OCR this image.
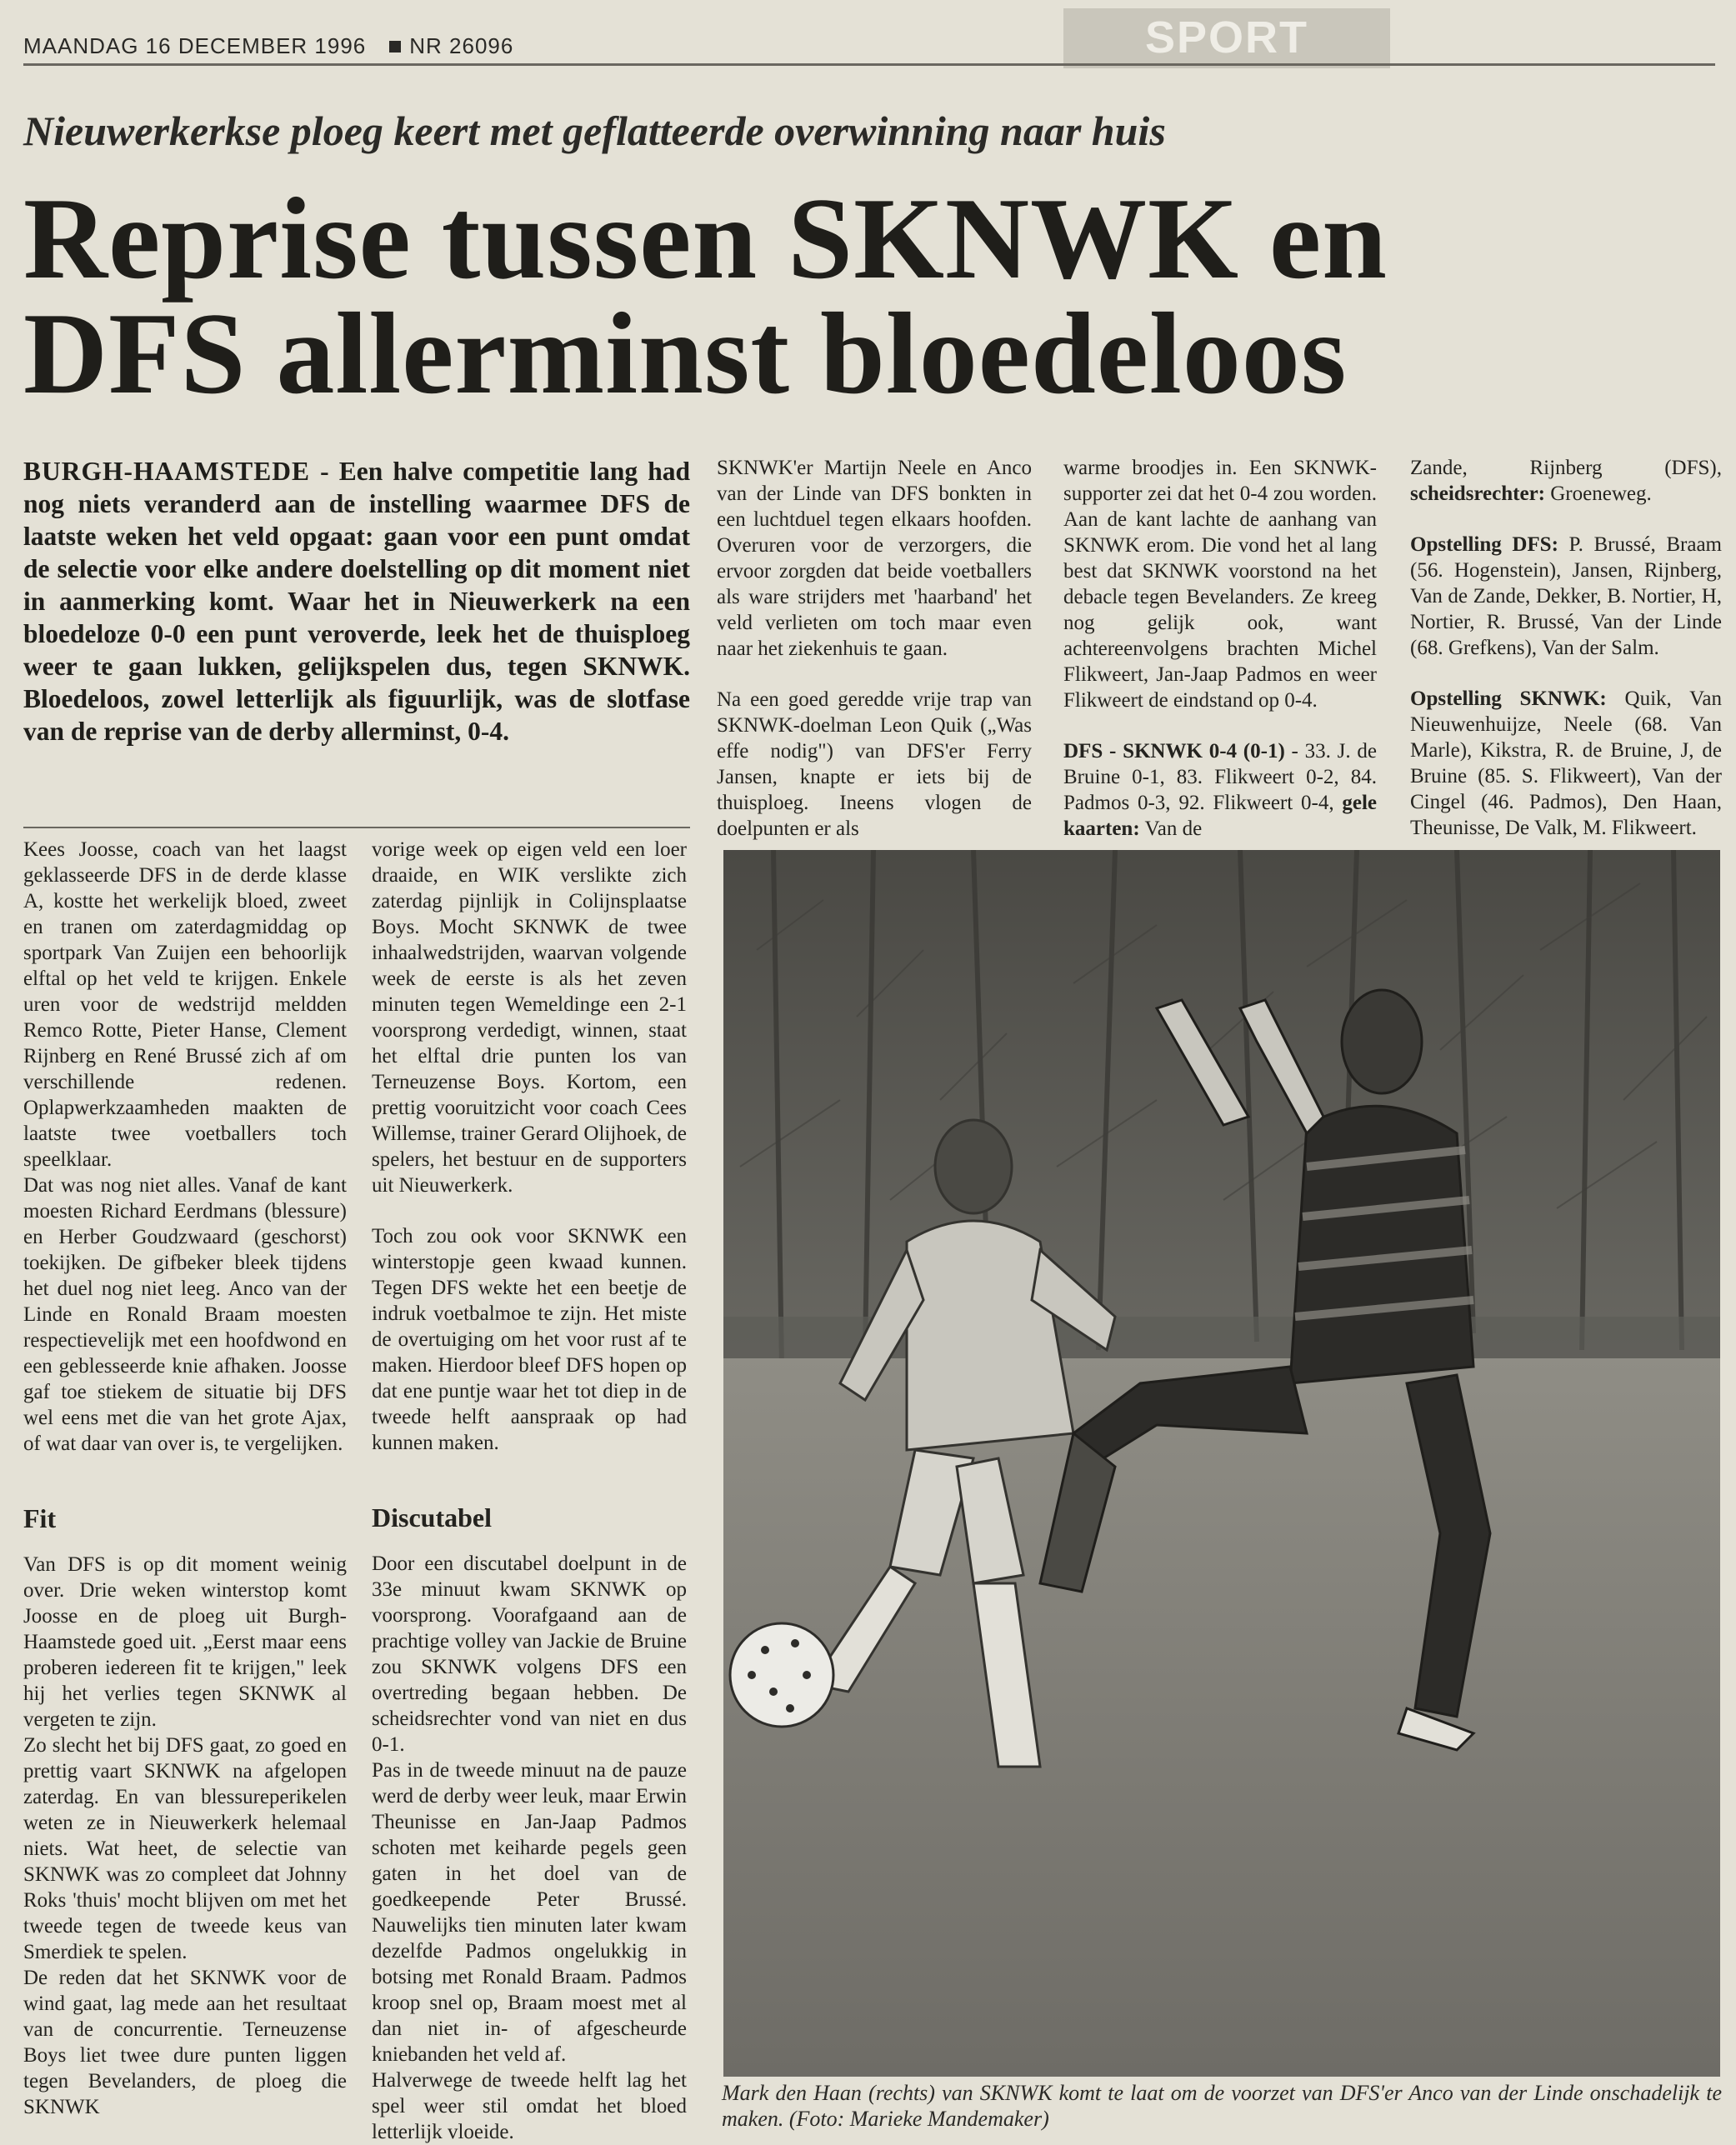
MAANDAG 16 DECEMBER 1996 NR 26096	SPORT
Nieuwerkerkse ploeg keert met geflatteerde overwinning naar huis
Reprise tussen SKNWK en
DFS allerminst bloedeloos
BURGH-HAAMSTEDE - Een halve competitie lang had nog niets veranderd aan de instelling waarmee DFS de laatste weken het veld opgaat: gaan voor een punt omdat de selectie voor elke andere doelstelling op dit moment niet in aanmerking komt. Waar het in Nieuwerkerk na een bloedeloze 0-0 een punt veroverde, leek het de thuisploeg weer te gaan lukken, gelijkspelen dus, tegen SKNWK. Bloedeloos, zowel letterlijk als figuurlijk, was de slotfase van de reprise van de derby allerminst, 0-4.

Kees Joosse, coach van het laagst geklasseerde DFS in de derde klasse A, kostte het werkelijk bloed, zweet en tranen om zaterdagmiddag op sportpark Van Zuijen een behoorlijk elftal op het veld te krijgen. Enkele uren voor de wedstrijd meldden Remco Rotte, Pieter Hanse, Clement Rijnberg en René Brussé zich af om verschillende redenen. Oplapwerkzaamheden maakten de laatste twee voetballers toch speelklaar.

Dat was nog niet alles. Vanaf de kant moesten Richard Eerdmans (blessure) en Herber Goudzwaard (geschorst) toekijken. De gifbeker bleek tijdens het duel nog niet leeg. Anco van der Linde en Ronald Braam moesten respectievelijk met een hoofdwond en een geblesseerde knie afhaken. Joosse gaf toe stiekem de situatie bij DFS wel eens met die van het grote Ajax, of wat daar van over is, te vergelijken.

Fit

Van DFS is op dit moment weinig over. Drie weken winterstop komt Joosse en de ploeg uit Burgh-Haamstede goed uit. „Eerst maar eens proberen iedereen fit te krijgen," leek hij het verlies tegen SKNWK al vergeten te zijn.

Zo slecht het bij DFS gaat, zo goed en prettig vaart SKNWK na afgelopen zaterdag. En van blessureperikelen weten ze in Nieuwerkerk helemaal niets. Wat heet, de selectie van SKNWK was zo compleet dat Johnny Roks 'thuis' mocht blijven om met het tweede tegen de tweede keus van Smerdiek te spelen.

De reden dat het SKNWK voor de wind gaat, lag mede aan het resultaat van de concurrentie. Terneuzense Boys liet twee dure punten liggen tegen Bevelanders, de ploeg die SKNWK

vorige week op eigen veld een loer draaide, en WIK verslikte zich zaterdag pijnlijk in Colijnsplaatse Boys. Mocht SKNWK de twee inhaalwedstrijden, waarvan volgende week de eerste is als het zeven minuten tegen Wemeldinge een 2-1 voorsprong verdedigt, winnen, staat het elftal drie punten los van Terneuzense Boys. Kortom, een prettig vooruitzicht voor coach Cees Willemse, trainer Gerard Olijhoek, de spelers, het bestuur en de supporters uit Nieuwerkerk.

Toch zou ook voor SKNWK een winterstopje geen kwaad kunnen. Tegen DFS wekte het een beetje de indruk voetbalmoe te zijn. Het miste de overtuiging om het voor rust af te maken. Hierdoor bleef DFS hopen op dat ene puntje waar het tot diep in de tweede helft aanspraak op had kunnen maken.

Discutabel

Door een discutabel doelpunt in de 33e minuut kwam SKNWK op voorsprong. Voorafgaand aan de prachtige volley van Jackie de Bruine zou SKNWK volgens DFS een overtreding begaan hebben. De scheidsrechter vond van niet en dus 0-1.

Pas in de tweede minuut na de pauze werd de derby weer leuk, maar Erwin Theunisse en Jan-Jaap Padmos schoten met keiharde pegels geen gaten in het doel van de goedkeepende Peter Brussé. Nauwelijks tien minuten later kwam dezelfde Padmos ongelukkig in botsing met Ronald Braam. Padmos kroop snel op, Braam moest met al dan niet in- of afgescheurde kniebanden het veld af.

Halverwege de tweede helft lag het spel weer stil omdat het bloed letterlijk vloeide.

SKNWK'er Martijn Neele en Anco van der Linde van DFS bonkten in een luchtduel tegen elkaars hoofden. Overuren voor de verzorgers, die ervoor zorgden dat beide voetballers als ware strijders met 'haarband' het veld verlieten om toch maar even naar het ziekenhuis te gaan.

Na een goed geredde vrije trap van SKNWK-doelman Leon Quik („Was effe nodig") van DFS'er Ferry Jansen, knapte er iets bij de thuisploeg. Ineens vlogen de doelpunten er als

warme broodjes in. Een SKNWK-supporter zei dat het 0-4 zou worden. Aan de kant lachte de aanhang van SKNWK erom. Die vond het al lang best dat SKNWK voorstond na het debacle tegen Bevelanders. Ze kreeg nog gelijk ook, want achtereenvolgens brachten Michel Flikweert, Jan-Jaap Padmos en weer Flikweert de eindstand op 0-4.

DFS - SKNWK 0-4 (0-1) - 33. J. de Bruine 0-1, 83. Flikweert 0-2, 84. Padmos 0-3, 92. Flikweert 0-4, gele kaarten: Van de

Zande, Rijnberg (DFS), scheidsrechter: Groeneweg.

Opstelling DFS: P. Brussé, Braam (56. Hogenstein), Jansen, Rijnberg, Van de Zande, Dekker, B. Nortier, H, Nortier, R. Brussé, Van der Linde (68. Grefkens), Van der Salm.

Opstelling SKNWK: Quik, Van Nieuwenhuijze, Neele (68. Van Marle), Kikstra, R. de Bruine, J, de Bruine (85. S. Flikweert), Van der Cingel (46. Padmos), Den Haan, Theunisse, De Valk, M. Flikweert.

Mark den Haan (rechts) van SKNWK komt te laat om de voorzet van DFS'er Anco van der Linde onschadelijk te maken. (Foto: Marieke Mandemaker)
